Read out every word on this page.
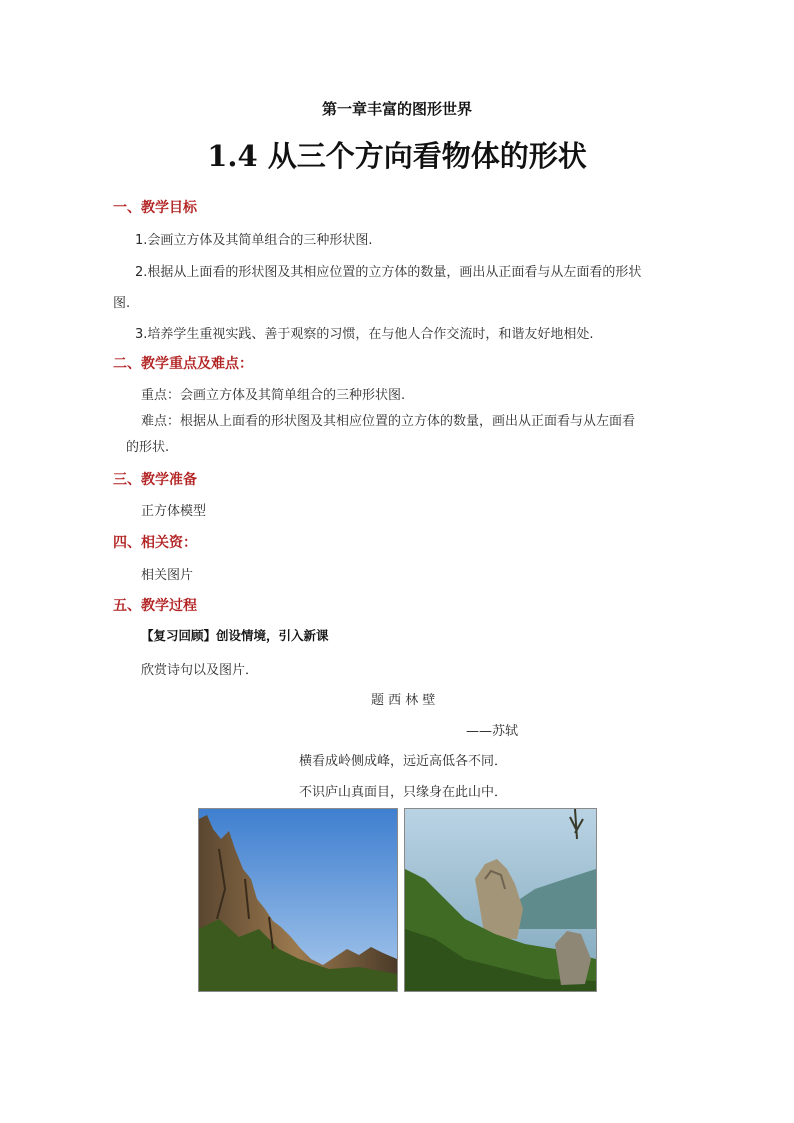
第一章丰富的图形世界
1.4 从三个方向看物体的形状
一、教学目标
1.会画立方体及其简单组合的三种形状图.
2.根据从上面看的形状图及其相应位置的立方体的数量，画出从正面看与从左面看的形状
图.
3.培养学生重视实践、善于观察的习惯，在与他人合作交流时，和谐友好地相处.
二、教学重点及难点：
重点：会画立方体及其简单组合的三种形状图.
难点：根据从上面看的形状图及其相应位置的立方体的数量，画出从正面看与从左面看
的形状.
三、教学准备
正方体模型
四、相关资：
相关图片
五、教学过程
【复习回顾】创设情境，引入新课
欣赏诗句以及图片．
题 西 林 壁
——苏轼
横看成岭侧成峰，远近高低各不同．
不识庐山真面目，只缘身在此山中．
